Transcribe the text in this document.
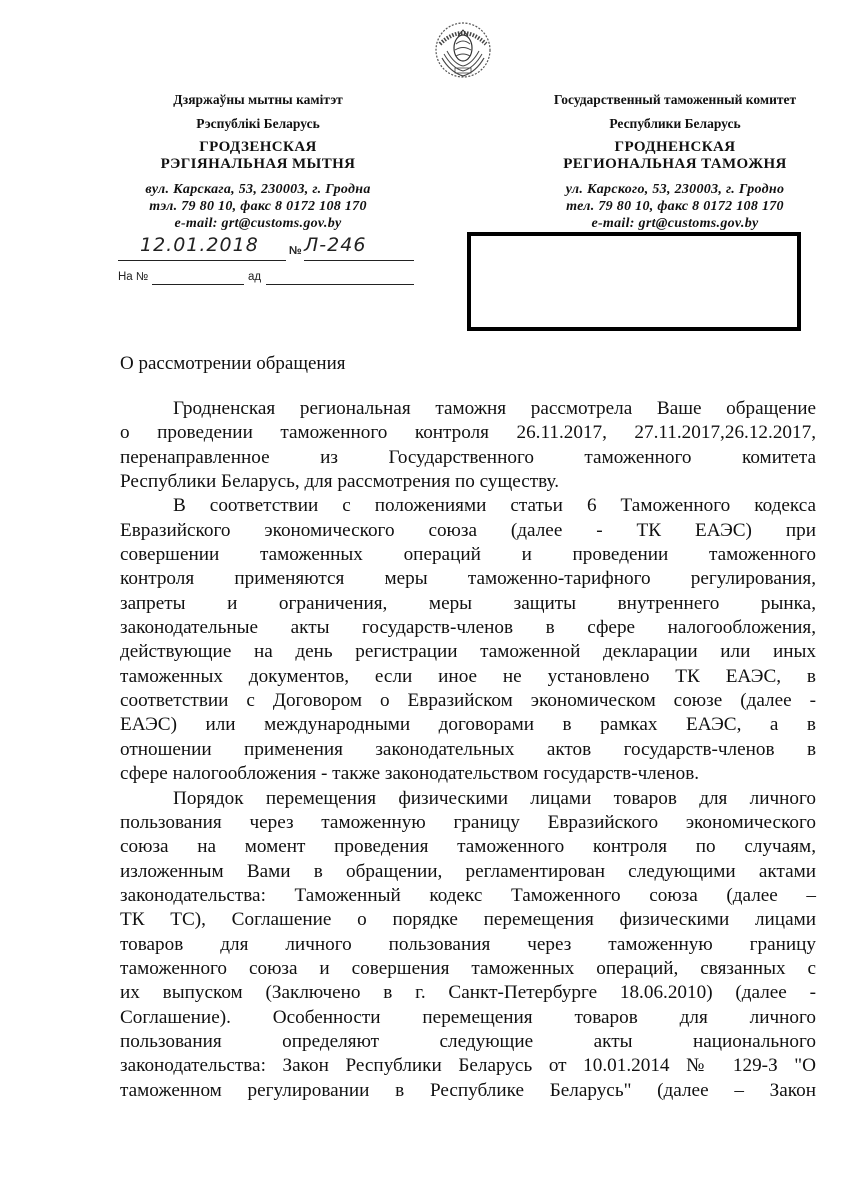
Дзяржаўны мытны камітэт
Рэспублікі Беларусь
ГРОДЗЕНСКАЯ
РЭГІЯНАЛЬНАЯ МЫТНЯ
вул. Карскага, 53, 230003, г. Гродна
тэл. 79 80 10, факс 8 0172 108 170
e-mail: grt@customs.gov.by
Государственный таможенный комитет
Республики Беларусь
ГРОДНЕНСКАЯ
РЕГИОНАЛЬНАЯ ТАМОЖНЯ
ул. Карского, 53, 230003, г. Гродно
тел. 79 80 10, факс 8 0172 108 170
e-mail: grt@customs.gov.by
12.01.2018	№ Л-246
На №	ад
О рассмотрении обращения
Гродненская региональная таможня рассмотрела Ваше обращение
о проведении таможенного контроля 26.11.2017, 27.11.2017,26.12.2017,
перенаправленное из Государственного таможенного комитета
Республики Беларусь, для рассмотрения по существу.
В соответствии с положениями статьи 6 Таможенного кодекса
Евразийского экономического союза (далее - ТК ЕАЭС) при
совершении таможенных операций и проведении таможенного
контроля применяются меры таможенно-тарифного регулирования,
запреты и ограничения, меры защиты внутреннего рынка,
законодательные акты государств-членов в сфере налогообложения,
действующие на день регистрации таможенной декларации или иных
таможенных документов, если иное не установлено ТК ЕАЭС, в
соответствии с Договором о Евразийском экономическом союзе (далее -
ЕАЭС) или международными договорами в рамках ЕАЭС, а в
отношении применения законодательных актов государств-членов в
сфере налогообложения - также законодательством государств-членов.
Порядок перемещения физическими лицами товаров для личного
пользования через таможенную границу Евразийского экономического
союза на момент проведения таможенного контроля по случаям,
изложенным Вами в обращении, регламентирован следующими актами
законодательства: Таможенный кодекс Таможенного союза (далее –
ТК ТС), Соглашение о порядке перемещения физическими лицами
товаров для личного пользования через таможенную границу
таможенного союза и совершения таможенных операций, связанных с
их выпуском (Заключено в г. Санкт-Петербурге 18.06.2010) (далее -
Соглашение). Особенности перемещения товаров для личного
пользования определяют следующие акты национального
законодательства: Закон Республики Беларусь от 10.01.2014 № 129-З "О
таможенном регулировании в Республике Беларусь" (далее – Закон
